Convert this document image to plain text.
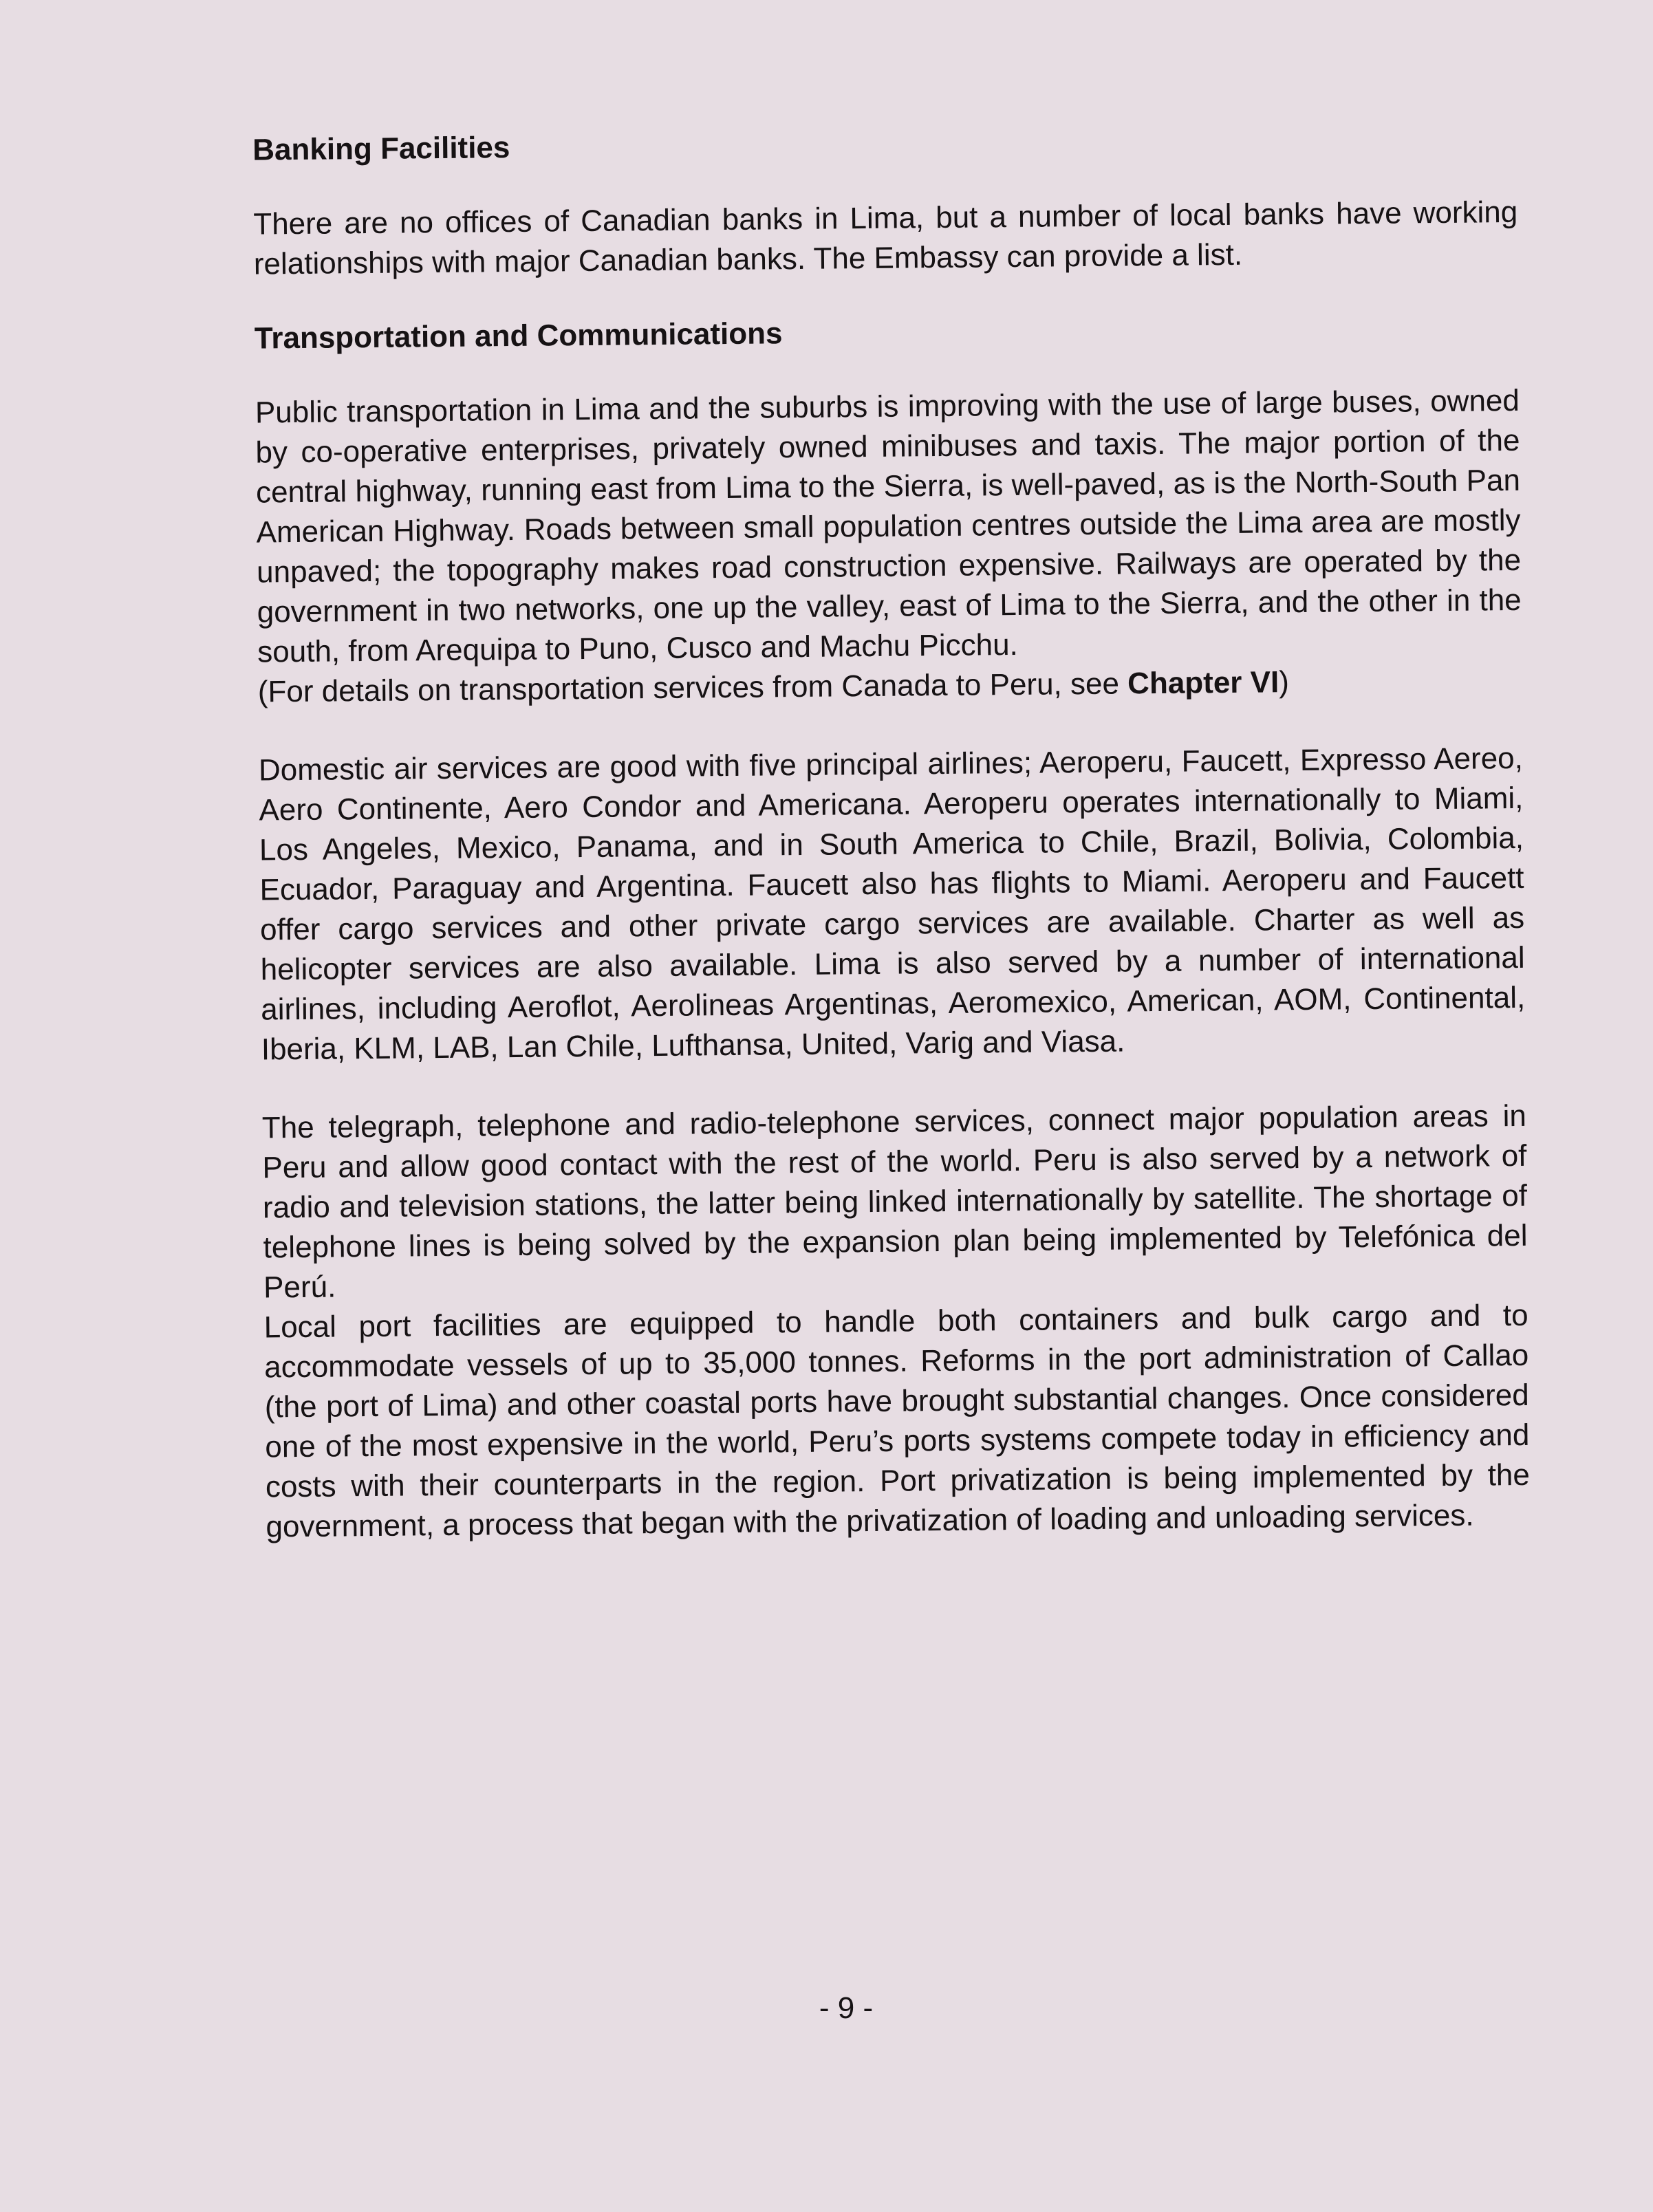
Banking Facilities

There are no offices of Canadian banks in Lima, but a number of local banks have working relationships with major Canadian banks. The Embassy can provide a list.

Transportation and Communications

Public transportation in Lima and the suburbs is improving with the use of large buses, owned by co-operative enterprises, privately owned minibuses and taxis. The major portion of the central highway, running east from Lima to the Sierra, is well-paved, as is the North-South Pan American Highway. Roads between small population centres outside the Lima area are mostly unpaved; the topography makes road construction expensive. Railways are operated by the government in two networks, one up the valley, east of Lima to the Sierra, and the other in the south, from Arequipa to Puno, Cusco and Machu Picchu.

(For details on transportation services from Canada to Peru, see Chapter VI)

Domestic air services are good with five principal airlines; Aeroperu, Faucett, Expresso Aereo, Aero Continente, Aero Condor and Americana. Aeroperu operates internationally to Miami, Los Angeles, Mexico, Panama, and in South America to Chile, Brazil, Bolivia, Colombia, Ecuador, Paraguay and Argentina. Faucett also has flights to Miami. Aeroperu and Faucett offer cargo services and other private cargo services are available. Charter as well as helicopter services are also available. Lima is also served by a number of international airlines, including Aeroflot, Aerolineas Argentinas, Aeromexico, American, AOM, Continental, Iberia, KLM, LAB, Lan Chile, Lufthansa, United, Varig and Viasa.

The telegraph, telephone and radio-telephone services, connect major population areas in Peru and allow good contact with the rest of the world. Peru is also served by a network of radio and television stations, the latter being linked internationally by satellite. The shortage of telephone lines is being solved by the expansion plan being implemented by Telefónica del Perú.

Local port facilities are equipped to handle both containers and bulk cargo and to accommodate vessels of up to 35,000 tonnes. Reforms in the port administration of Callao (the port of Lima) and other coastal ports have brought substantial changes. Once considered one of the most expensive in the world, Peru’s ports systems compete today in efficiency and costs with their counterparts in the region. Port privatization is being implemented by the government, a process that began with the privatization of loading and unloading services.

- 9 -
